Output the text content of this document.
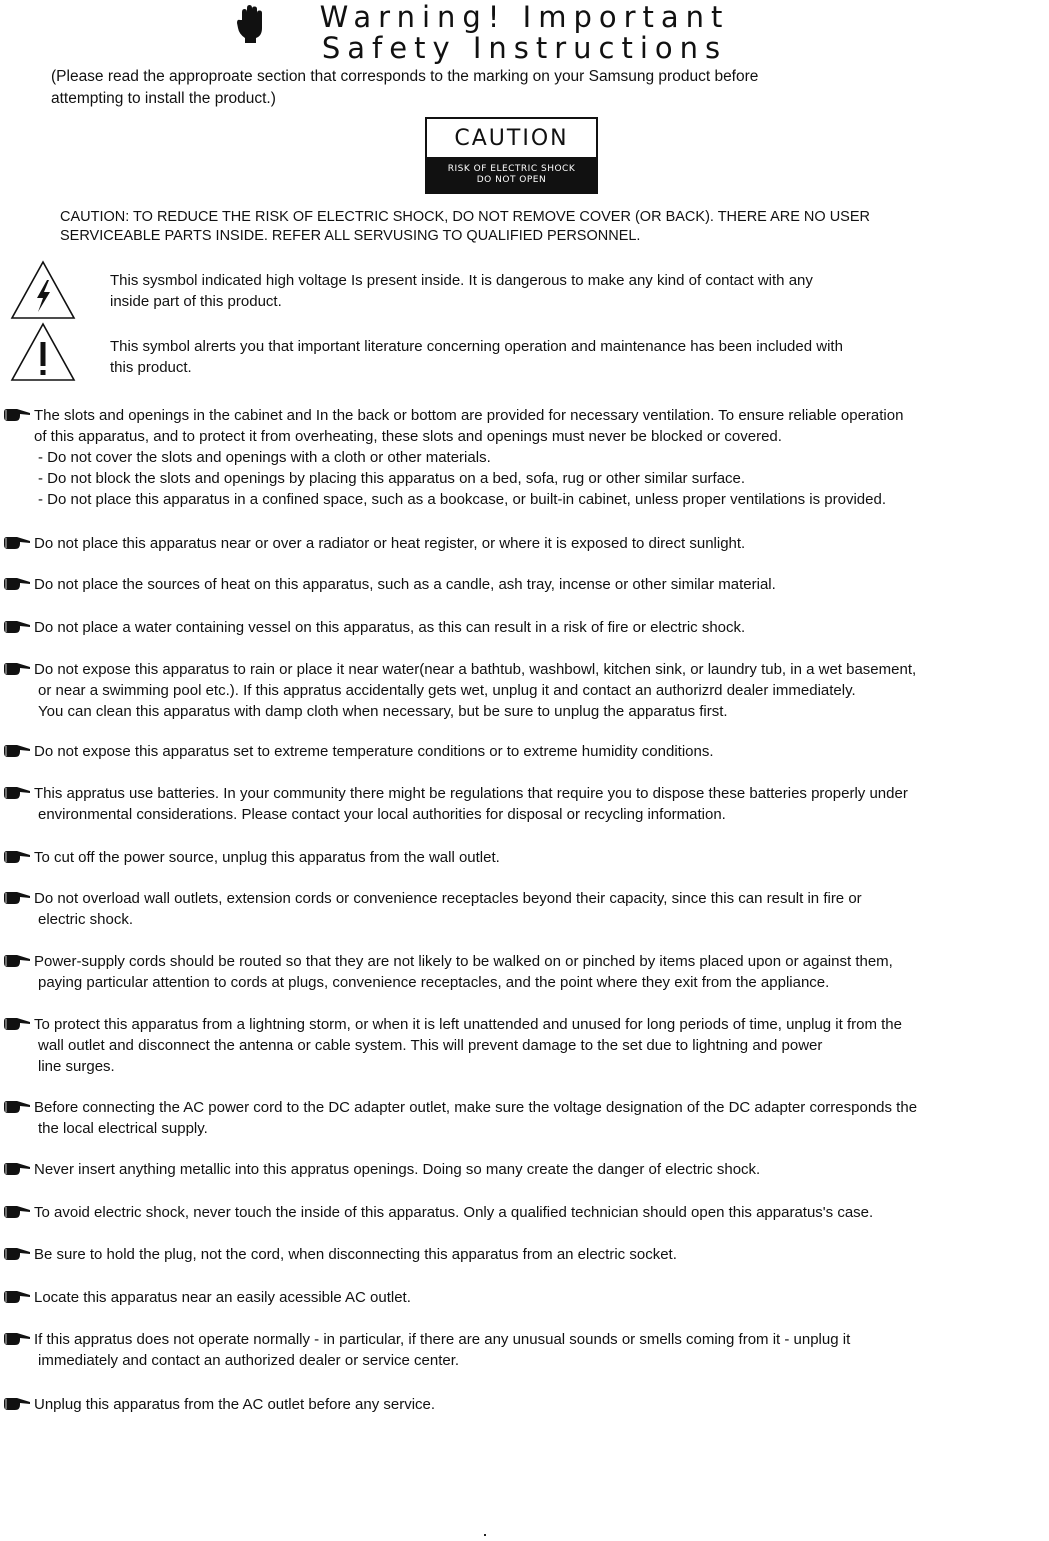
Warning! Important
Safety Instructions
(Please read the approproate section that corresponds to the marking on your Samsung product before
attempting to install the product.)
CAUTION
RISK OF ELECTRIC SHOCK
DO NOT OPEN
CAUTION: TO REDUCE THE RISK OF ELECTRIC SHOCK, DO NOT REMOVE COVER (OR BACK). THERE ARE NO USER
SERVICEABLE PARTS INSIDE. REFER ALL SERVUSING TO QUALIFIED PERSONNEL.
This sysmbol indicated high voltage Is present inside. It is dangerous to make any kind of contact with any
inside part of this product.
This symbol alrerts you that important literature concerning operation and maintenance has been included with
this product.
The slots and openings in the cabinet and In the back or bottom are provided for necessary ventilation. To ensure reliable operation
of this apparatus, and to protect it from overheating, these slots and openings must never be blocked or covered.
- Do not cover the slots and openings with a cloth or other materials.
- Do not block the slots and openings by placing this apparatus on a bed, sofa, rug or other similar surface.
- Do not place this apparatus in a confined space, such as a bookcase, or built-in cabinet, unless proper ventilations is provided.
Do not place this apparatus near or over a radiator or heat register, or where it is exposed to direct sunlight.
Do not place the sources of heat on this apparatus, such as a candle, ash tray, incense or other similar material.
Do not place a water containing vessel on this apparatus, as this can result in a risk of fire or electric shock.
Do not expose this apparatus to rain or place it near water(near a bathtub, washbowl, kitchen sink, or laundry tub, in a wet basement,
or near a swimming pool etc.). If this appratus accidentally gets wet, unplug it and contact an authorizrd dealer immediately.
You can clean this apparatus with damp cloth when necessary, but be sure to unplug the apparatus first.
Do not expose this apparatus set to extreme temperature conditions or to extreme humidity conditions.
This appratus use batteries. In your community there might be regulations that require you to dispose these batteries properly under
environmental considerations. Please contact your local authorities for disposal or recycling information.
To cut off the power source, unplug this apparatus from the wall outlet.
Do not overload wall outlets, extension cords or convenience receptacles beyond their capacity, since this can result in fire or
electric shock.
Power-supply cords should be routed so that they are not likely to be walked on or pinched by items placed upon or against them,
paying particular attention to cords at plugs, convenience receptacles, and the point where they exit from the appliance.
To protect this apparatus from a lightning storm, or when it is left unattended and unused for long periods of time, unplug it from the
wall outlet and disconnect the antenna or cable system. This will prevent damage to the set due to lightning and power
line surges.
Before connecting the AC power cord to the DC adapter outlet, make sure the voltage designation of the DC adapter corresponds the
the local electrical supply.
Never insert anything metallic into this appratus openings. Doing so many create the danger of electric shock.
To avoid electric shock, never touch the inside of this apparatus. Only a qualified technician should open this apparatus's case.
Be sure to hold the plug, not the cord, when disconnecting this apparatus from an electric socket.
Locate this apparatus near an easily acessible AC outlet.
If this appratus does not operate normally - in particular, if there are any unusual sounds or smells coming from it - unplug it
immediately and contact an authorized dealer or service center.
Unplug this apparatus from the AC outlet before any service.
